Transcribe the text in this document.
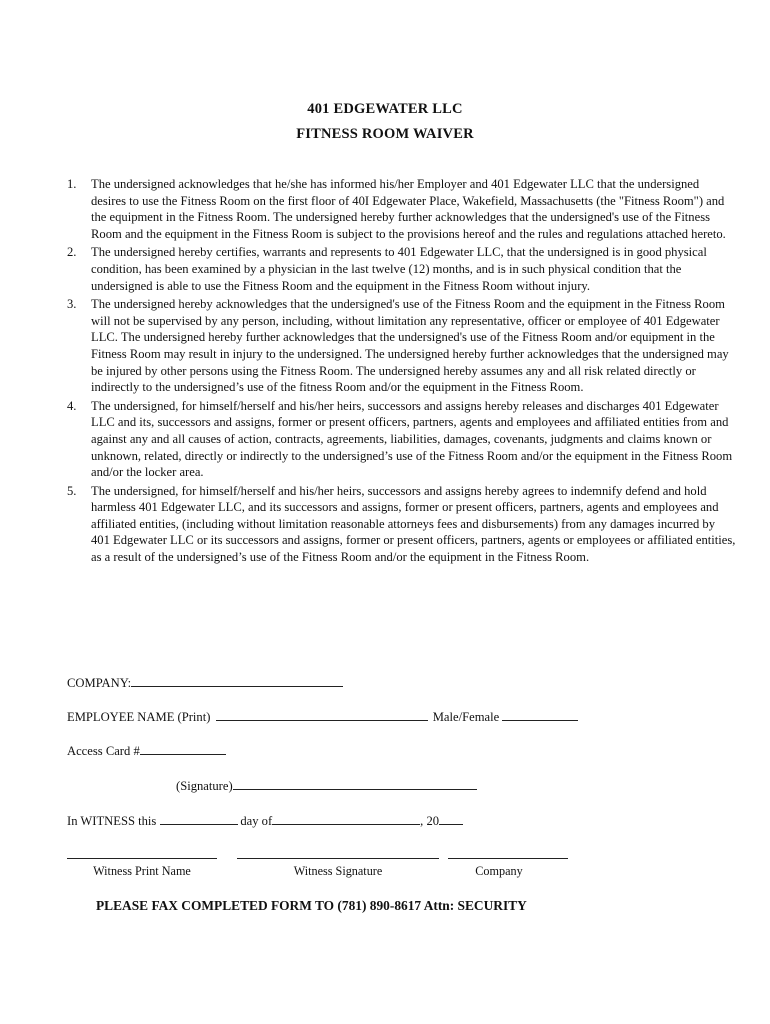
401 EDGEWATER LLC
FITNESS ROOM WAIVER
1.	The undersigned acknowledges that he/she has informed his/her Employer and 401 Edgewater LLC that the undersigned desires to use the Fitness Room on the first floor of 40I Edgewater Place, Wakefield, Massachusetts (the "Fitness Room") and the equipment in the Fitness Room. The undersigned hereby further acknowledges that the undersigned's use of the Fitness Room and the equipment in the Fitness Room is subject to the provisions hereof and the rules and regulations attached hereto.
2.	The undersigned hereby certifies, warrants and represents to 401 Edgewater LLC, that the undersigned is in good physical condition, has been examined by a physician in the last twelve (12) months, and is in such physical condition that the undersigned is able to use the Fitness Room and the equipment in the Fitness Room without injury.
3.	The undersigned hereby acknowledges that the undersigned's use of the Fitness Room and the equipment in the Fitness Room will not be supervised by any person, including, without limitation any representative, officer or employee of 401 Edgewater LLC. The undersigned hereby further acknowledges that the undersigned's use of the Fitness Room and/or equipment in the Fitness Room may result in injury to the undersigned. The undersigned hereby further acknowledges that the undersigned may be injured by other persons using the Fitness Room. The undersigned hereby assumes any and all risk related directly or indirectly to the undersigned’s use of the fitness Room and/or the equipment in the Fitness Room.
4.	The undersigned, for himself/herself and his/her heirs, successors and assigns hereby releases and discharges 401 Edgewater LLC and its, successors and assigns, former or present officers, partners, agents and employees and affiliated entities from and against any and all causes of action, contracts, agreements, liabilities, damages, covenants, judgments and claims known or unknown, related, directly or indirectly to the undersigned’s use of the Fitness Room and/or the equipment in the Fitness Room and/or the locker area.
5.	The undersigned, for himself/herself and his/her heirs, successors and assigns hereby agrees to indemnify defend and hold harmless 401 Edgewater LLC, and its successors and assigns, former or present officers, partners, agents and employees and affiliated entities, (including without limitation reasonable attorneys fees and disbursements) from any damages incurred by 401 Edgewater LLC or its successors and assigns, former or present officers, partners, agents or employees or affiliated entities, as a result of the undersigned’s use of the Fitness Room and/or the equipment in the Fitness Room.
COMPANY:
EMPLOYEE NAME (Print)	Male/Female
Access Card #
(Signature)
In WITNESS this	day of	, 20
Witness Print Name	Witness Signature	Company
PLEASE FAX COMPLETED FORM TO (781) 890-8617 Attn: SECURITY
